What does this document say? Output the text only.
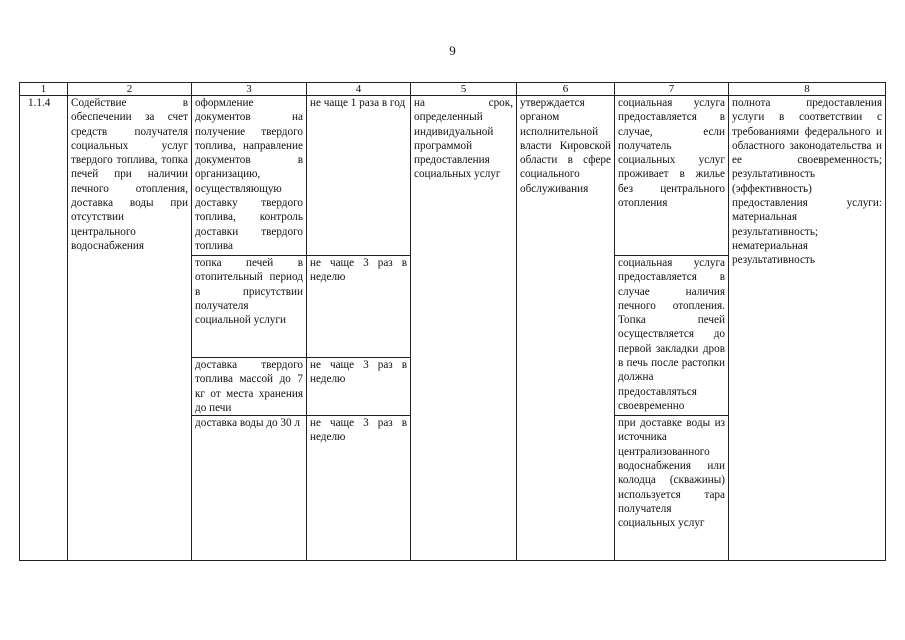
9
1	2	3	4	5	6	7	8
1.1.4	Содействие в обеспечении за счет средств получателя социальных услуг твердого топлива, топка печей при наличии печного отопления, доставка воды при отсутствии центрального водоснабжения	оформление документов на получение твердого топлива, направление документов в организацию, осуществляющую доставку твердого топлива, контроль доставки твердого топлива	не чаще 1 раза в год	на срок, определенный индивидуальной программой предоставления социальных услуг	утверждается органом исполнительной власти Кировской области в сфере социального обслуживания	социальная услуга предоставляется в случае, если получатель социальных услуг проживает в жилье без центрального отопления	полнота предоставления услуги в соответствии с требованиями федерального и областного законодательства и ее своевременность; результативность (эффективность) предоставления услуги: материальная результативность; нематериальная результативность
		топка печей в отопительный период в присутствии получателя социальной услуги	не чаще 3 раз в неделю			социальная услуга предоставляется в случае наличия печного отопления. Топка печей осуществляется до первой закладки дров в печь после растопки должна предоставляться своевременно	
		доставка твердого топлива массой до 7 кг от места хранения до печи	не чаще 3 раз в неделю				
		доставка воды до 30 л	не чаще 3 раз в неделю			при доставке воды из источника централизованного водоснабжения или колодца (скважины) используется тара получателя социальных услуг	
